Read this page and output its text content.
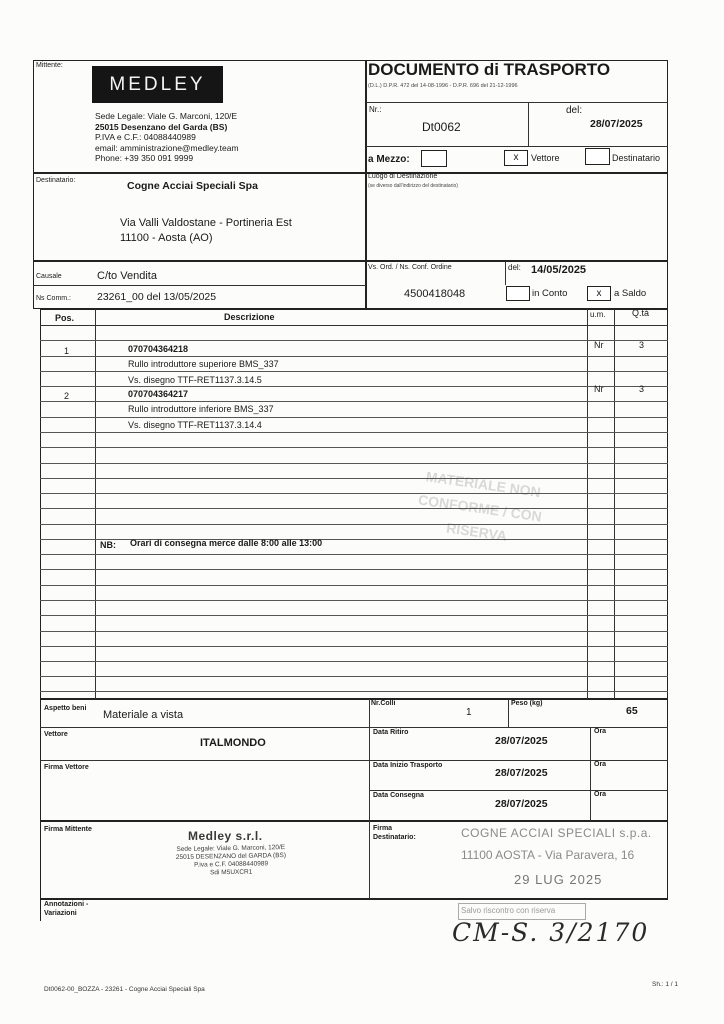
Mittente:
MEDLEY
Sede Legale: Viale G. Marconi, 120/E
25015 Desenzano del Garda (BS)
P.IVA e C.F.: 04088440989
email: amministrazione@medley.team
Phone: +39 350 091 9999
DOCUMENTO di TRASPORTO
(D.L.) D.P.R. 472 del 14-08-1996 - D.P.R. 696 del 21-12-1996
Nr.:
Dt0062
del:
28/07/2025
a Mezzo:	x	Vettore	Destinatario
Destinatario:	Cogne Acciai Speciali Spa
Via Valli Valdostane - Portineria Est
11100 - Aosta (AO)
Luogo di Destinazione
(se diverso dall'indirizzo del destinatario)
Causale	C/to Vendita
Ns Comm.: 23261_00 del 13/05/2025
Vs. Ord. / Ns. Conf. Ordine
4500418048
del: 14/05/2025
in Conto	x	a Saldo
Pos.	Descrizione	u.m.	Q.tà
1	070704364218
Rullo introduttore superiore BMS_337
Vs. disegno TTF-RET1137.3.14.5
Nr	3
2	070704364217
Rullo introduttore inferiore BMS_337
Vs. disegno TTF-RET1137.3.14.4
Nr	3
NB: Orari di consegna merce dalle 8:00 alle 13:00
MATERIALE NON CONFORME / CON RISERVA
Aspetto beni
Materiale a vista
Nr.Colli
1
Peso (kg)
65
Vettore
ITALMONDO
Firma Vettore
Data Ritiro
28/07/2025
Data Inizio Trasporto
28/07/2025
Data Consegna
28/07/2025
Ora
Ora
Ora
Firma Mittente	Medley s.r.l.
Sede Legale: Viale G. Marconi, 120/E
25015 DESENZANO del GARDA (BS)
P.iva e C.F. 04088440989
Sdi M5UXCR1
Firma Destinatario:	COGNE ACCIAI SPECIALI s.p.a.
11100 AOSTA - Via Paravera, 16
29 LUG 2025
Annotazioni - Variazioni	Salvo riscontro con riserva
CM-S. 3/2170
Dt0062-00_BOZZA - 23261 - Cogne Acciai Speciali Spa
Sh.: 1 / 1
